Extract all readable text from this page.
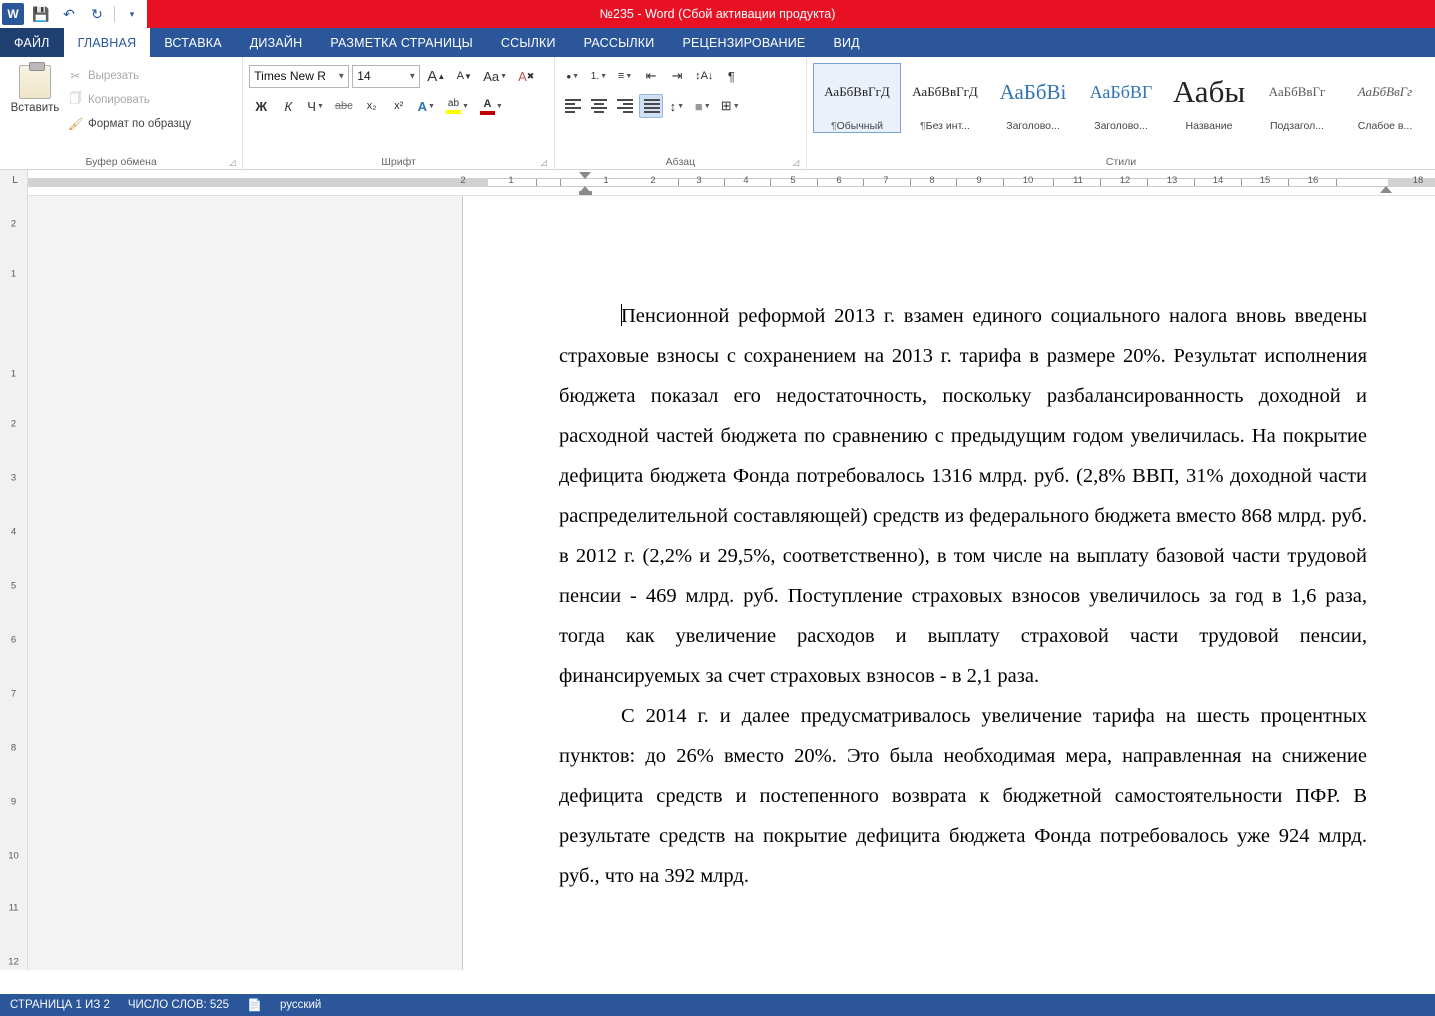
W 💾 ↶	↻	▾	№235 - Word (Сбой активации продукта)
ФАЙЛ	ГЛАВНАЯ	ВСТАВКА	ДИЗАЙН	РАЗМЕТКА СТРАНИЦЫ	ССЫЛКИ	РАССЫЛКИ	РЕЦЕНЗИРОВАНИЕ	ВИД
Вставить
✂ Вырезать
🗍 Копировать
🖌 Формат по образцу
Буфер обмена	◿
Times New R ▼ 14	▼ A ▲ A ▼ Aa ▼ A ✖
Ж	К	Ч ▼	abc	x₂	x²	A ▼ ab ▼ A ▼
Шрифт	◿
• ▼ 1. ▼ ≡ ▼	⇤	⇥	↕A↓	¶
↕ ▼ ■ ▼ ⊞ ▼
Абзац	◿
АаБбВвГгД
¶Обычный
АаБбВвГгД
¶Без инт...
АаБбВі
Заголово...
АаБбВГ
Заголово...
Аабы
Название
АаБбВвГг
Подзагол...
АаБбВвГг
Слабое в...
Стили
└	2	1	1	2	3	4	5	6	7	8	9	10	11	12	13	14	15	16	18
2
1
1
2
3
4
5
6
7
8
9
10
11
12

Пенсионной реформой 2013 г. взамен единого социального налога вновь введены страховые взносы с сохранением на 2013 г. тарифа в размере 20%. Результат исполнения бюджета показал его недостаточность, поскольку разбалансированность доходной и расходной частей бюджета по сравнению с предыдущим годом увеличилась. На покрытие дефицита бюджета Фонда потребовалось 1316 млрд. руб. (2,8% ВВП, 31% доходной части распределительной составляющей) средств из федерального бюджета вместо 868 млрд. руб. в 2012 г. (2,2% и 29,5%, соответственно), в том числе на выплату базовой части трудовой пенсии - 469 млрд. руб. Поступление страховых взносов увеличилось за год в 1,6 раза, тогда как увеличение расходов и выплату страховой части трудовой пенсии, финансируемых за счет страховых взносов - в 2,1 раза.

С 2014 г. и далее предусматривалось увеличение тарифа на шесть процентных пунктов: до 26% вместо 20%. Это была необходимая мера, направленная на снижение дефицита средств и постепенного возврата к бюджетной самостоятельности ПФР. В результате средств на покрытие дефицита бюджета Фонда потребовалось уже 924 млрд. руб., что на 392 млрд.

СТРАНИЦА 1 ИЗ 2 ЧИСЛО СЛОВ: 525 📄 русский
